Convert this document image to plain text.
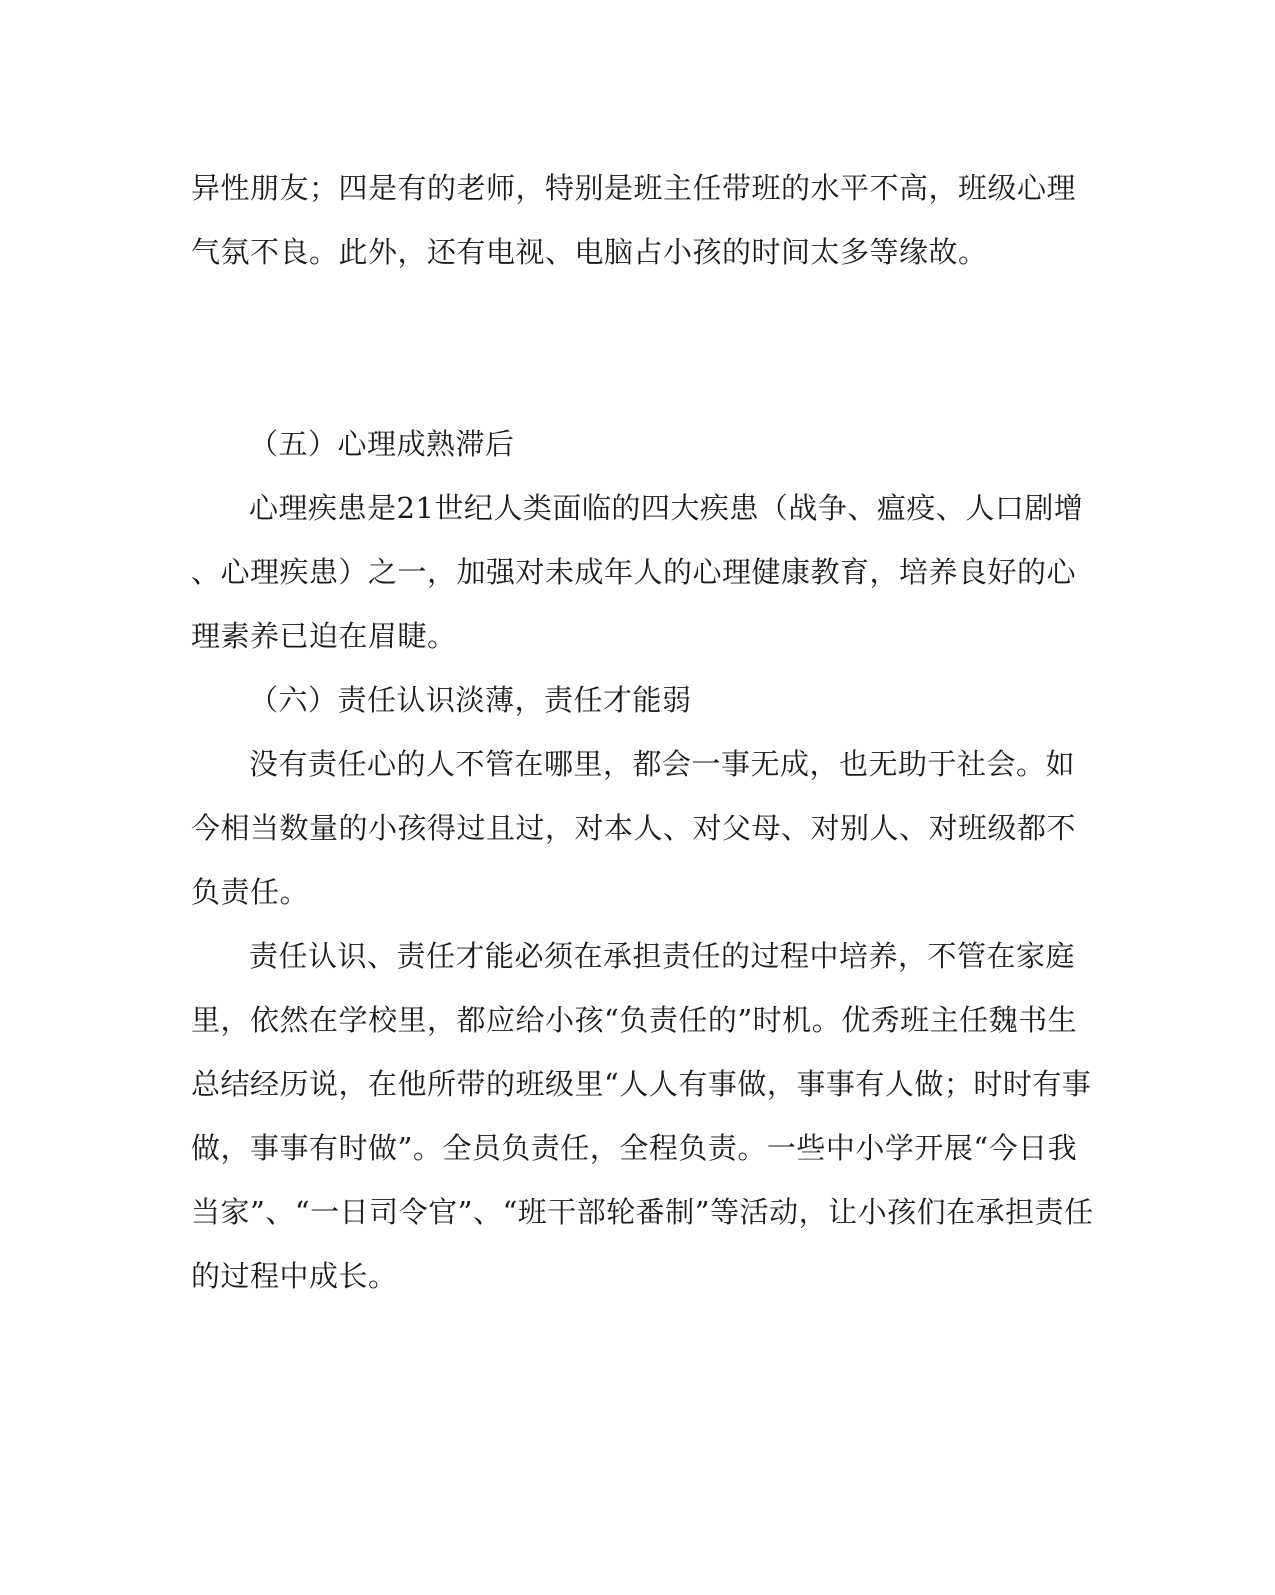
异性朋友；四是有的老师，特别是班主任带班的水平不高，班级心理
气氛不良。此外，还有电视、电脑占小孩的时间太多等缘故。
（五）心理成熟滞后
心理疾患是21世纪人类面临的四大疾患（战争、瘟疫、人口剧增
、心理疾患）之一，加强对未成年人的心理健康教育，培养良好的心
理素养已迫在眉睫。
（六）责任认识淡薄，责任才能弱
没有责任心的人不管在哪里，都会一事无成，也无助于社会。如
今相当数量的小孩得过且过，对本人、对父母、对别人、对班级都不
负责任。
责任认识、责任才能必须在承担责任的过程中培养，不管在家庭
里，依然在学校里，都应给小孩“负责任的”时机。优秀班主任魏书生
总结经历说，在他所带的班级里“人人有事做，事事有人做；时时有事
做，事事有时做”。全员负责任，全程负责。一些中小学开展“今日我
当家”、“一日司令官”、“班干部轮番制”等活动，让小孩们在承担责任
的过程中成长。
